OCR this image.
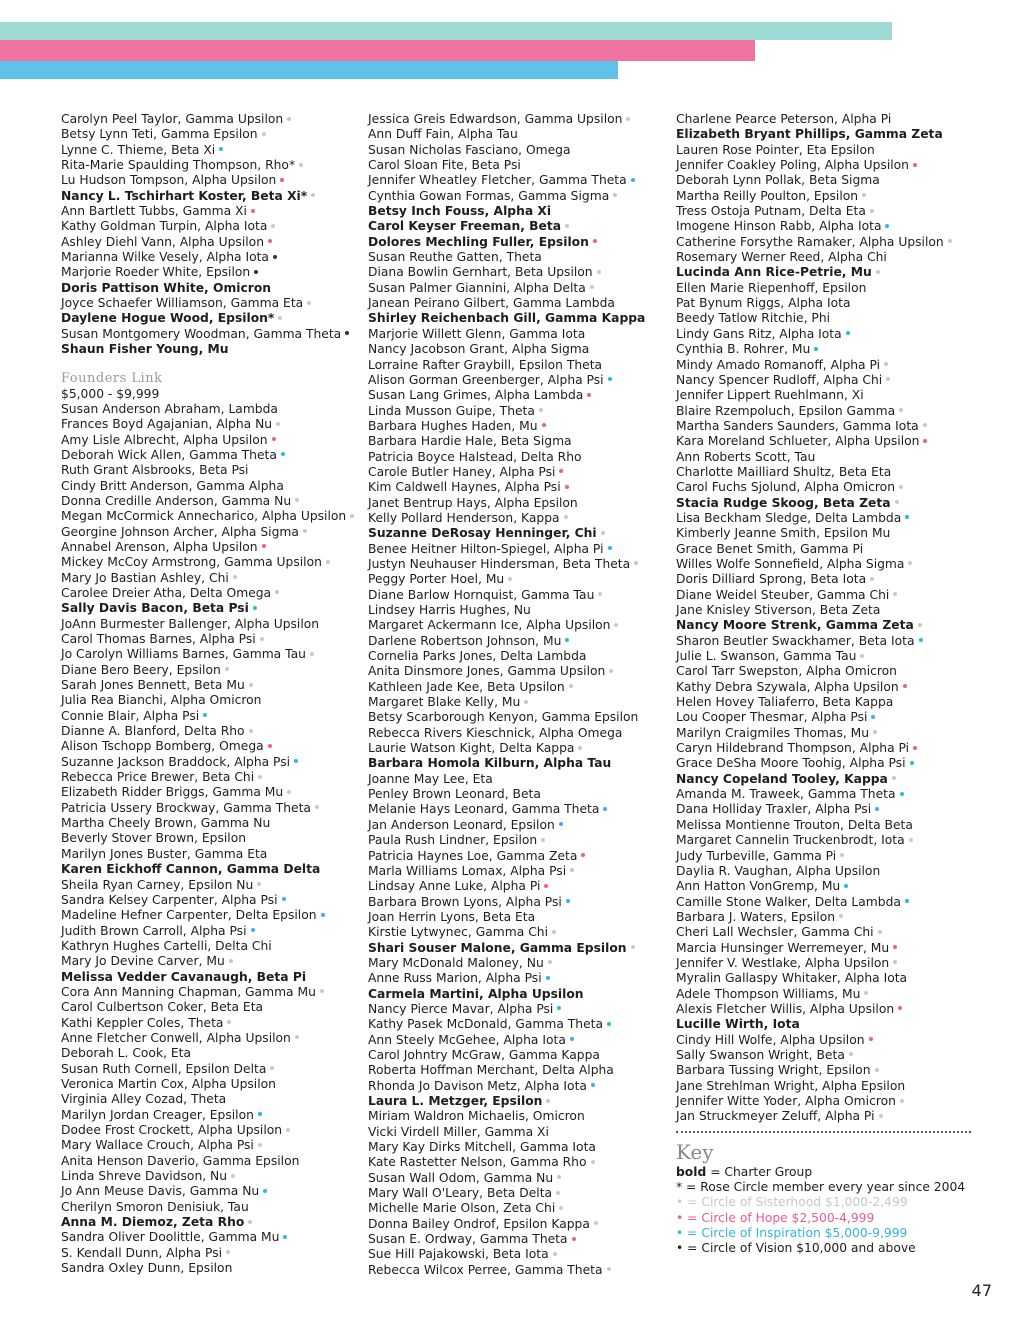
Carolyn Peel Taylor, Gamma Upsilon
Betsy Lynn Teti, Gamma Epsilon
Lynne C. Thieme, Beta Xi
Rita-Marie Spaulding Thompson, Rho*
Lu Hudson Tompson, Alpha Upsilon
Nancy L. Tschirhart Koster, Beta Xi*
Ann Bartlett Tubbs, Gamma Xi
Kathy Goldman Turpin, Alpha Iota
Ashley Diehl Vann, Alpha Upsilon
Marianna Wilke Vesely, Alpha Iota
Marjorie Roeder White, Epsilon
Doris Pattison White, Omicron
Joyce Schaefer Williamson, Gamma Eta
Daylene Hogue Wood, Epsilon*
Susan Montgomery Woodman, Gamma Theta
Shaun Fisher Young, Mu
Founders Link
$5,000 - $9,999
Susan Anderson Abraham, Lambda
Frances Boyd Agajanian, Alpha Nu
Amy Lisle Albrecht, Alpha Upsilon
Deborah Wick Allen, Gamma Theta
Ruth Grant Alsbrooks, Beta Psi
Cindy Britt Anderson, Gamma Alpha
Donna Credille Anderson, Gamma Nu
Megan McCormick Annecharico, Alpha Upsilon
Georgine Johnson Archer, Alpha Sigma
Annabel Arenson, Alpha Upsilon
Mickey McCoy Armstrong, Gamma Upsilon
Mary Jo Bastian Ashley, Chi
Carolee Dreier Atha, Delta Omega
Sally Davis Bacon, Beta Psi
JoAnn Burmester Ballenger, Alpha Upsilon
Carol Thomas Barnes, Alpha Psi
Jo Carolyn Williams Barnes, Gamma Tau
Diane Bero Beery, Epsilon
Sarah Jones Bennett, Beta Mu
Julia Rea Bianchi, Alpha Omicron
Connie Blair, Alpha Psi
Dianne A. Blanford, Delta Rho
Alison Tschopp Bomberg, Omega
Suzanne Jackson Braddock, Alpha Psi
Rebecca Price Brewer, Beta Chi
Elizabeth Ridder Briggs, Gamma Mu
Patricia Ussery Brockway, Gamma Theta
Martha Cheely Brown, Gamma Nu
Beverly Stover Brown, Epsilon
Marilyn Jones Buster, Gamma Eta
Karen Eickhoff Cannon, Gamma Delta
Sheila Ryan Carney, Epsilon Nu
Sandra Kelsey Carpenter, Alpha Psi
Madeline Hefner Carpenter, Delta Epsilon
Judith Brown Carroll, Alpha Psi
Kathryn Hughes Cartelli, Delta Chi
Mary Jo Devine Carver, Mu
Melissa Vedder Cavanaugh, Beta Pi
Cora Ann Manning Chapman, Gamma Mu
Carol Culbertson Coker, Beta Eta
Kathi Keppler Coles, Theta
Anne Fletcher Conwell, Alpha Upsilon
Deborah L. Cook, Eta
Susan Ruth Cornell, Epsilon Delta
Veronica Martin Cox, Alpha Upsilon
Virginia Alley Cozad, Theta
Marilyn Jordan Creager, Epsilon
Dodee Frost Crockett, Alpha Upsilon
Mary Wallace Crouch, Alpha Psi
Anita Henson Daverio, Gamma Epsilon
Linda Shreve Davidson, Nu
Jo Ann Meuse Davis, Gamma Nu
Cherilyn Smoron Denisiuk, Tau
Anna M. Diemoz, Zeta Rho
Sandra Oliver Doolittle, Gamma Mu
S. Kendall Dunn, Alpha Psi
Sandra Oxley Dunn, Epsilon
Jessica Greis Edwardson, Gamma Upsilon
Ann Duff Fain, Alpha Tau
Susan Nicholas Fasciano, Omega
Carol Sloan Fite, Beta Psi
Jennifer Wheatley Fletcher, Gamma Theta
Cynthia Gowan Formas, Gamma Sigma
Betsy Inch Fouss, Alpha Xi
Carol Keyser Freeman, Beta
Dolores Mechling Fuller, Epsilon
Susan Reuthe Gatten, Theta
Diana Bowlin Gernhart, Beta Upsilon
Susan Palmer Giannini, Alpha Delta
Janean Peirano Gilbert, Gamma Lambda
Shirley Reichenbach Gill, Gamma Kappa
Marjorie Willett Glenn, Gamma Iota
Nancy Jacobson Grant, Alpha Sigma
Lorraine Rafter Graybill, Epsilon Theta
Alison Gorman Greenberger, Alpha Psi
Susan Lang Grimes, Alpha Lambda
Linda Musson Guipe, Theta
Barbara Hughes Haden, Mu
Barbara Hardie Hale, Beta Sigma
Patricia Boyce Halstead, Delta Rho
Carole Butler Haney, Alpha Psi
Kim Caldwell Haynes, Alpha Psi
Janet Bentrup Hays, Alpha Epsilon
Kelly Pollard Henderson, Kappa
Suzanne DeRosay Henninger, Chi
Benee Heitner Hilton-Spiegel, Alpha Pi
Justyn Neuhauser Hindersman, Beta Theta
Peggy Porter Hoel, Mu
Diane Barlow Hornquist, Gamma Tau
Lindsey Harris Hughes, Nu
Margaret Ackermann Ice, Alpha Upsilon
Darlene Robertson Johnson, Mu
Cornelia Parks Jones, Delta Lambda
Anita Dinsmore Jones, Gamma Upsilon
Kathleen Jade Kee, Beta Upsilon
Margaret Blake Kelly, Mu
Betsy Scarborough Kenyon, Gamma Epsilon
Rebecca Rivers Kieschnick, Alpha Omega
Laurie Watson Kight, Delta Kappa
Barbara Homola Kilburn, Alpha Tau
Joanne May Lee, Eta
Penley Brown Leonard, Beta
Melanie Hays Leonard, Gamma Theta
Jan Anderson Leonard, Epsilon
Paula Rush Lindner, Epsilon
Patricia Haynes Loe, Gamma Zeta
Marla Williams Lomax, Alpha Psi
Lindsay Anne Luke, Alpha Pi
Barbara Brown Lyons, Alpha Psi
Joan Herrin Lyons, Beta Eta
Kirstie Lytwynec, Gamma Chi
Shari Souser Malone, Gamma Epsilon
Mary McDonald Maloney, Nu
Anne Russ Marion, Alpha Psi
Carmela Martini, Alpha Upsilon
Nancy Pierce Mavar, Alpha Psi
Kathy Pasek McDonald, Gamma Theta
Ann Steely McGehee, Alpha Iota
Carol Johntry McGraw, Gamma Kappa
Roberta Hoffman Merchant, Delta Alpha
Rhonda Jo Davison Metz, Alpha Iota
Laura L. Metzger, Epsilon
Miriam Waldron Michaelis, Omicron
Vicki Virdell Miller, Gamma Xi
Mary Kay Dirks Mitchell, Gamma Iota
Kate Rastetter Nelson, Gamma Rho
Susan Wall Odom, Gamma Nu
Mary Wall O'Leary, Beta Delta
Michelle Marie Olson, Zeta Chi
Donna Bailey Ondrof, Epsilon Kappa
Susan E. Ordway, Gamma Theta
Sue Hill Pajakowski, Beta Iota
Rebecca Wilcox Perree, Gamma Theta
Charlene Pearce Peterson, Alpha Pi
Elizabeth Bryant Phillips, Gamma Zeta
Lauren Rose Pointer, Eta Epsilon
Jennifer Coakley Poling, Alpha Upsilon
Deborah Lynn Pollak, Beta Sigma
Martha Reilly Poulton, Epsilon
Tress Ostoja Putnam, Delta Eta
Imogene Hinson Rabb, Alpha Iota
Catherine Forsythe Ramaker, Alpha Upsilon
Rosemary Werner Reed, Alpha Chi
Lucinda Ann Rice-Petrie, Mu
Ellen Marie Riepenhoff, Epsilon
Pat Bynum Riggs, Alpha Iota
Beedy Tatlow Ritchie, Phi
Lindy Gans Ritz, Alpha Iota
Cynthia B. Rohrer, Mu
Mindy Amado Romanoff, Alpha Pi
Nancy Spencer Rudloff, Alpha Chi
Jennifer Lippert Ruehlmann, Xi
Blaire Rzempoluch, Epsilon Gamma
Martha Sanders Saunders, Gamma Iota
Kara Moreland Schlueter, Alpha Upsilon
Ann Roberts Scott, Tau
Charlotte Mailliard Shultz, Beta Eta
Carol Fuchs Sjolund, Alpha Omicron
Stacia Rudge Skoog, Beta Zeta
Lisa Beckham Sledge, Delta Lambda
Kimberly Jeanne Smith, Epsilon Mu
Grace Benet Smith, Gamma Pi
Willes Wolfe Sonnefield, Alpha Sigma
Doris Dilliard Sprong, Beta Iota
Diane Weidel Steuber, Gamma Chi
Jane Knisley Stiverson, Beta Zeta
Nancy Moore Strenk, Gamma Zeta
Sharon Beutler Swackhamer, Beta Iota
Julie L. Swanson, Gamma Tau
Carol Tarr Swepston, Alpha Omicron
Kathy Debra Szywala, Alpha Upsilon
Helen Hovey Taliaferro, Beta Kappa
Lou Cooper Thesmar, Alpha Psi
Marilyn Craigmiles Thomas, Mu
Caryn Hildebrand Thompson, Alpha Pi
Grace DeSha Moore Toohig, Alpha Psi
Nancy Copeland Tooley, Kappa
Amanda M. Traweek, Gamma Theta
Dana Holliday Traxler, Alpha Psi
Melissa Montienne Trouton, Delta Beta
Margaret Cannelin Truckenbrodt, Iota
Judy Turbeville, Gamma Pi
Daylia R. Vaughan, Alpha Upsilon
Ann Hatton VonGremp, Mu
Camille Stone Walker, Delta Lambda
Barbara J. Waters, Epsilon
Cheri Lall Wechsler, Gamma Chi
Marcia Hunsinger Werremeyer, Mu
Jennifer V. Westlake, Alpha Upsilon
Myralin Gallaspy Whitaker, Alpha Iota
Adele Thompson Williams, Mu
Alexis Fletcher Willis, Alpha Upsilon
Lucille Wirth, Iota
Cindy Hill Wolfe, Alpha Upsilon
Sally Swanson Wright, Beta
Barbara Tussing Wright, Epsilon
Jane Strehlman Wright, Alpha Epsilon
Jennifer Witte Yoder, Alpha Omicron
Jan Struckmeyer Zeluff, Alpha Pi
Key
bold = Charter Group
* = Rose Circle member every year since 2004
• = Circle of Sisterhood $1,000-2,499
• = Circle of Hope $2,500-4,999
• = Circle of Inspiration $5,000-9,999
• = Circle of Vision $10,000 and above
47
